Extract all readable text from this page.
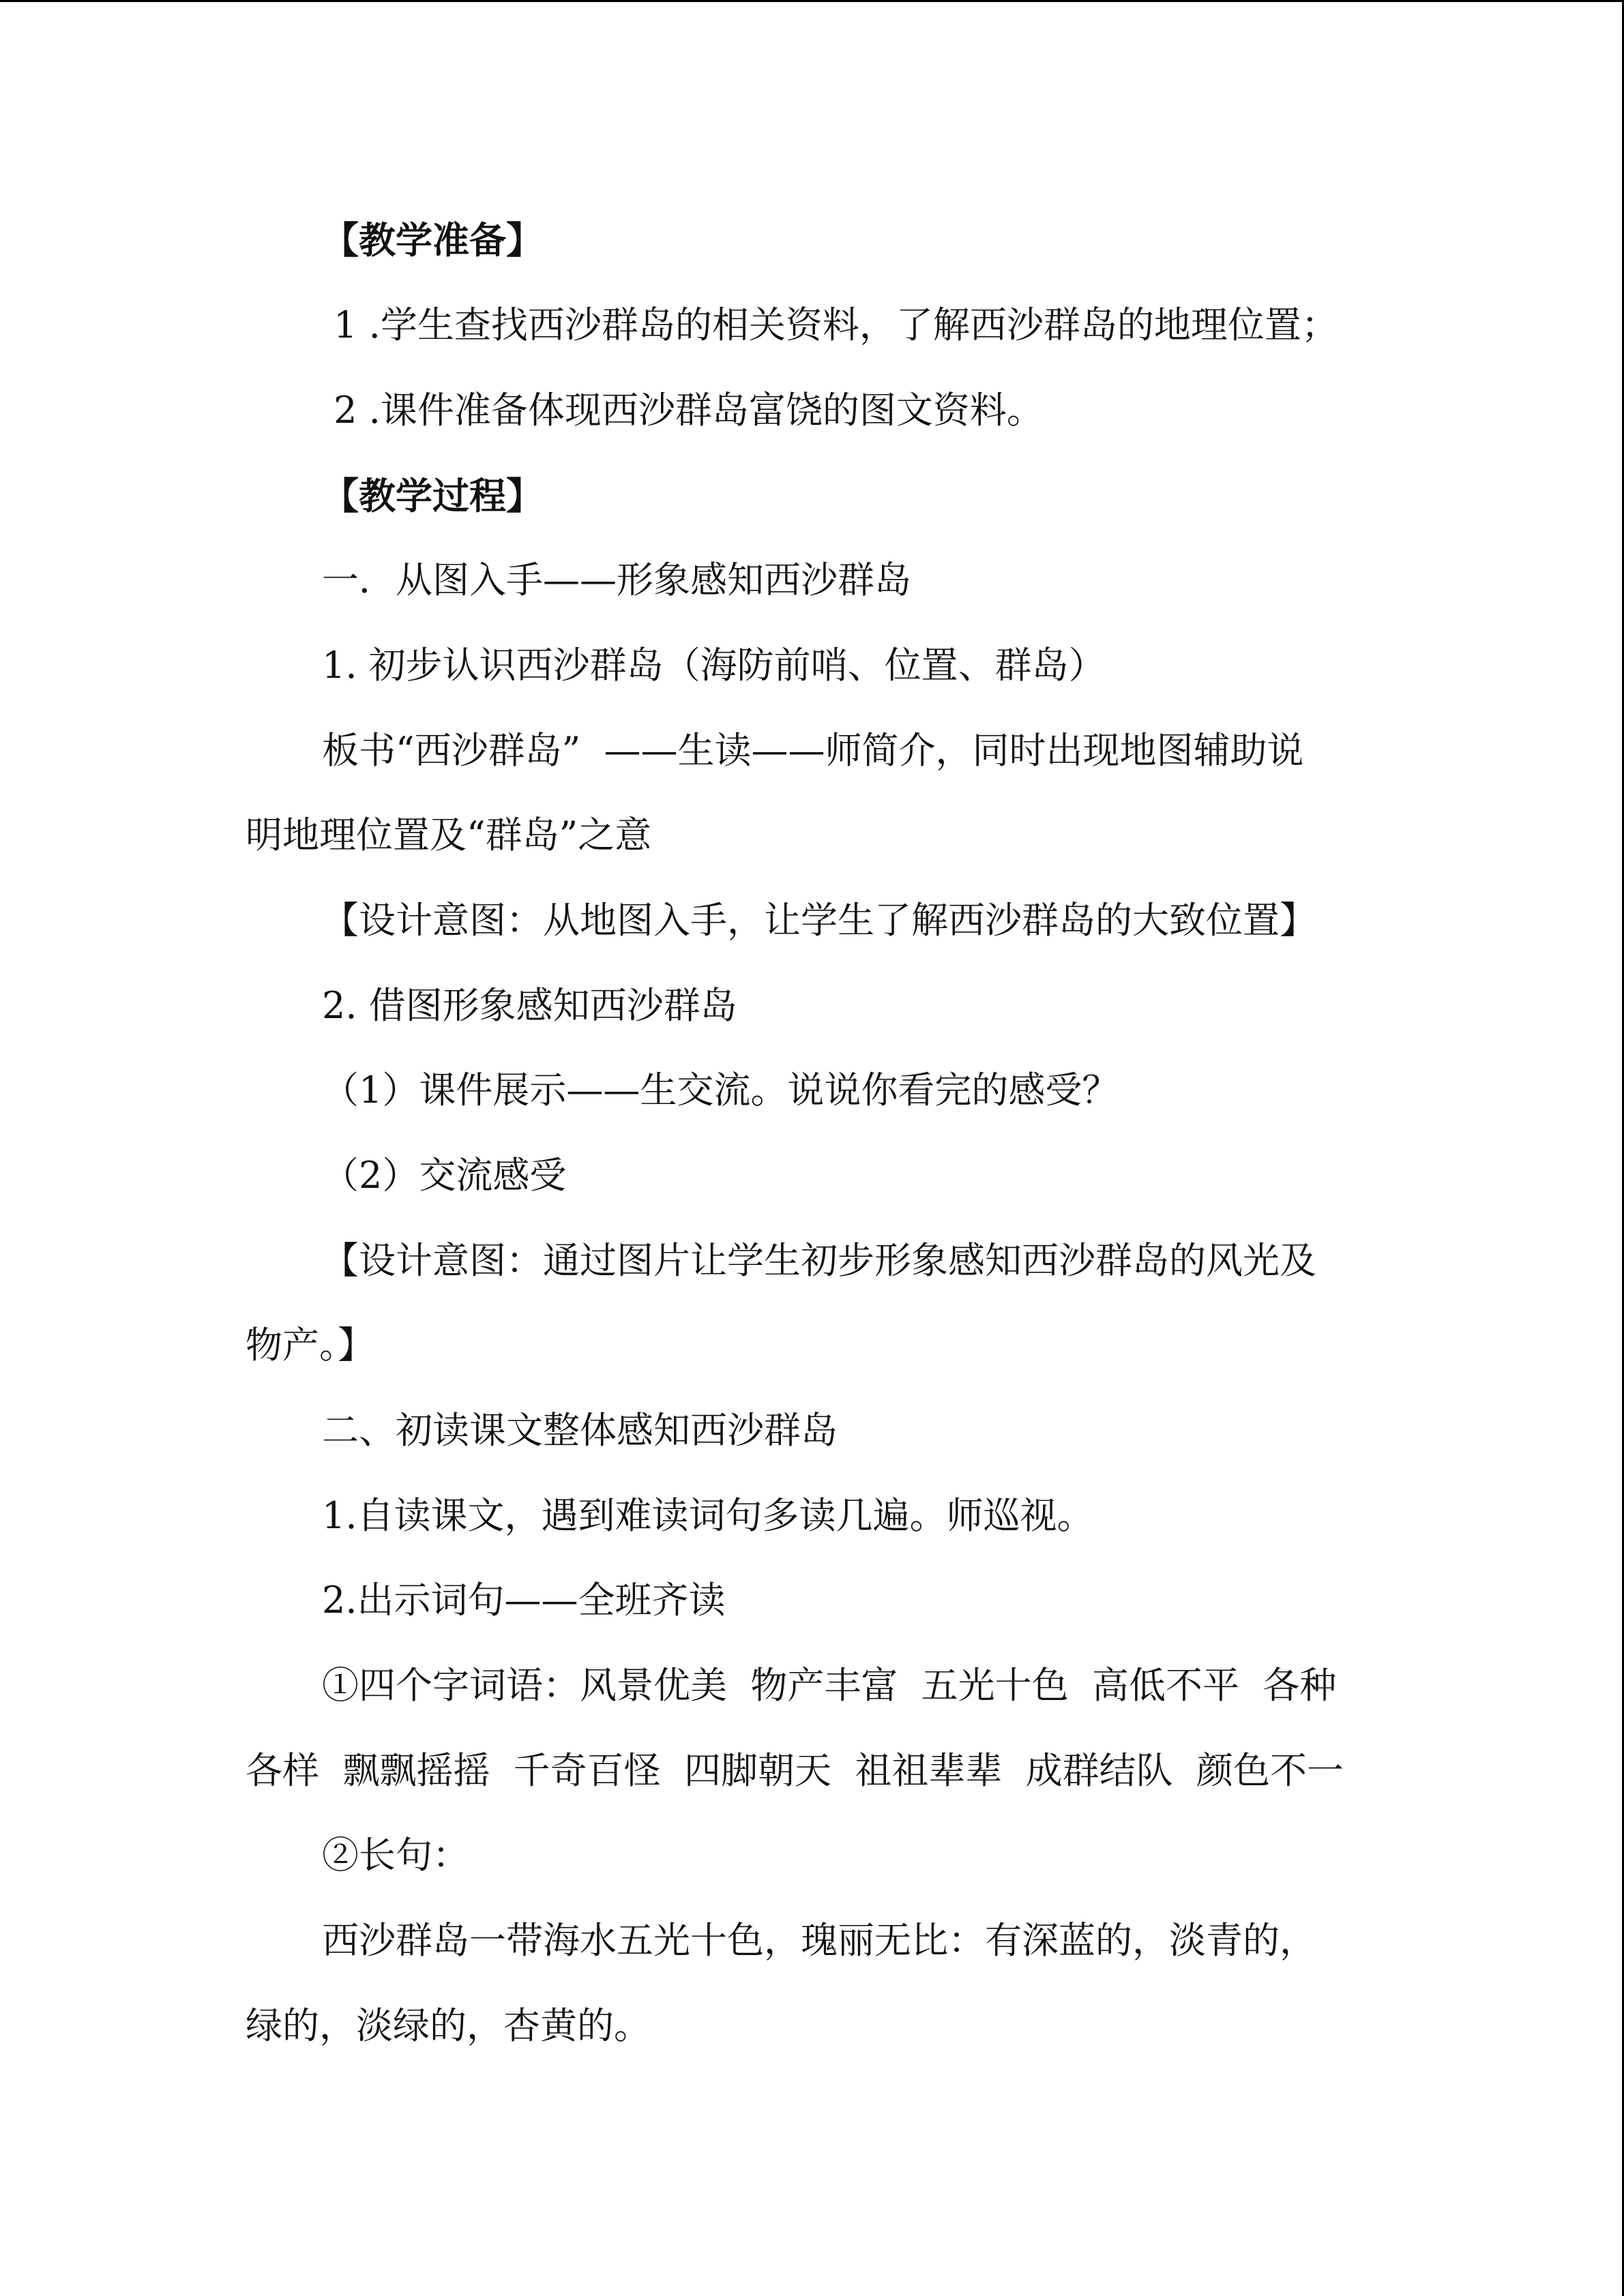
【教学准备】

1 .学生查找西沙群岛的相关资料，了解西沙群岛的地理位置；

2 .课件准备体现西沙群岛富饶的图文资料。

【教学过程】

一．从图入手——形象感知西沙群岛

1. 初步认识西沙群岛（海防前哨、位置、群岛）

板书“西沙群岛”  ——生读——师简介，同时出现地图辅助说

明地理位置及“群岛”之意

【设计意图：从地图入手，让学生了解西沙群岛的大致位置】

2. 借图形象感知西沙群岛

（1）课件展示——生交流。说说你看完的感受？

（2）交流感受

【设计意图：通过图片让学生初步形象感知西沙群岛的风光及

物产。】

二、初读课文整体感知西沙群岛

1.自读课文，遇到难读词句多读几遍。师巡视。

2.出示词句——全班齐读

①四个字词语：风景优美  物产丰富  五光十色  高低不平  各种

各样  飘飘摇摇  千奇百怪  四脚朝天  祖祖辈辈  成群结队  颜色不一

②长句：

西沙群岛一带海水五光十色，瑰丽无比：有深蓝的，淡青的，

绿的，淡绿的，杏黄的。
